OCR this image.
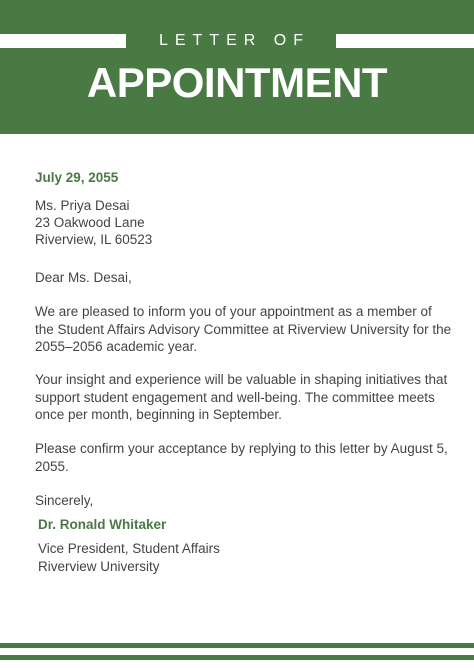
LETTER OF
APPOINTMENT
July 29, 2055
Ms. Priya Desai
23 Oakwood Lane
Riverview, IL 60523
Dear Ms. Desai,
We are pleased to inform you of your appointment as a member of
the Student Affairs Advisory Committee at Riverview University for the
2055–2056 academic year.
Your insight and experience will be valuable in shaping initiatives that
support student engagement and well-being. The committee meets
once per month, beginning in September.
Please confirm your acceptance by replying to this letter by August 5,
2055.
Sincerely,
Dr. Ronald Whitaker
Vice President, Student Affairs
Riverview University
